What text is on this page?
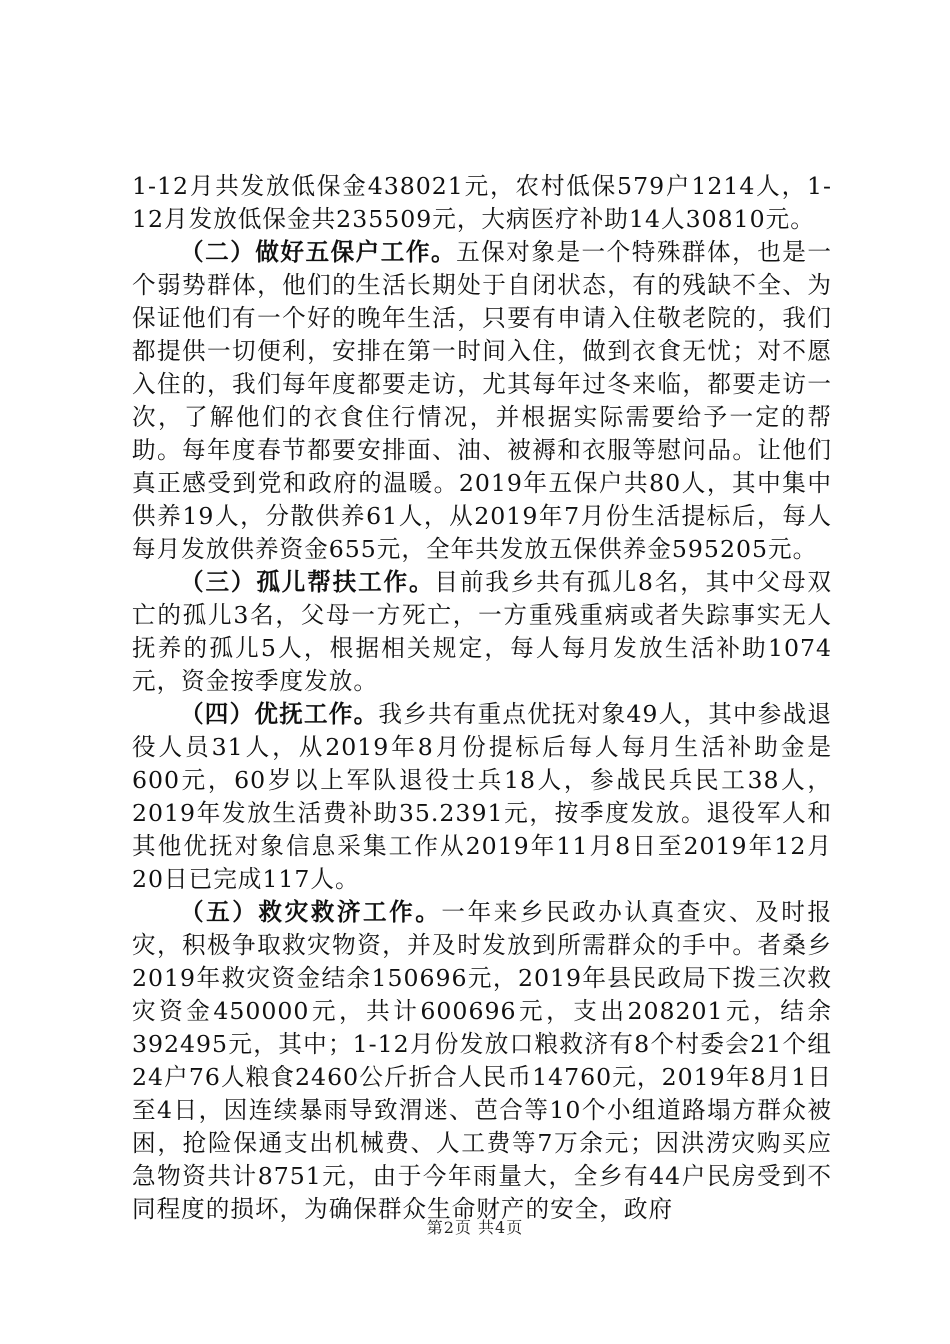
1-12月共发放低保金438021元，农村低保579户1214人，1-12月发放低保金共235509元，大病医疗补助14人30810元。

（二）做好五保户工作。五保对象是一个特殊群体，也是一个弱势群体，他们的生活长期处于自闭状态，有的残缺不全、为保证他们有一个好的晚年生活，只要有申请入住敬老院的，我们都提供一切便利，安排在第一时间入住，做到衣食无忧；对不愿入住的，我们每年度都要走访，尤其每年过冬来临，都要走访一次，了解他们的衣食住行情况，并根据实际需要给予一定的帮助。每年度春节都要安排面、油、被褥和衣服等慰问品。让他们真正感受到党和政府的温暖。2019年五保户共80人，其中集中供养19人，分散供养61人，从2019年7月份生活提标后，每人每月发放供养资金655元，全年共发放五保供养金595205元。

（三）孤儿帮扶工作。目前我乡共有孤儿8名，其中父母双亡的孤儿3名，父母一方死亡，一方重残重病或者失踪事实无人抚养的孤儿5人，根据相关规定，每人每月发放生活补助1074元，资金按季度发放。

（四）优抚工作。我乡共有重点优抚对象49人，其中参战退役人员31人，从2019年8月份提标后每人每月生活补助金是600元，60岁以上军队退役士兵18人，参战民兵民工38人，2019年发放生活费补助35.2391元，按季度发放。退役军人和其他优抚对象信息采集工作从2019年11月8日至2019年12月20日已完成117人。

（五）救灾救济工作。一年来乡民政办认真查灾、及时报灾，积极争取救灾物资，并及时发放到所需群众的手中。者桑乡2019年救灾资金结余150696元，2019年县民政局下拨三次救灾资金450000元，共计600696元，支出208201元，结余392495元，其中；1-12月份发放口粮救济有8个村委会21个组24户76人粮食2460公斤折合人民币14760元，2019年8月1日至4日，因连续暴雨导致渭迷、芭合等10个小组道路塌方群众被困，抢险保通支出机械费、人工费等7万余元；因洪涝灾购买应急物资共计8751元，由于今年雨量大，全乡有44户民房受到不同程度的损坏，为确保群众生命财产的安全，政府

第2页 共4页
